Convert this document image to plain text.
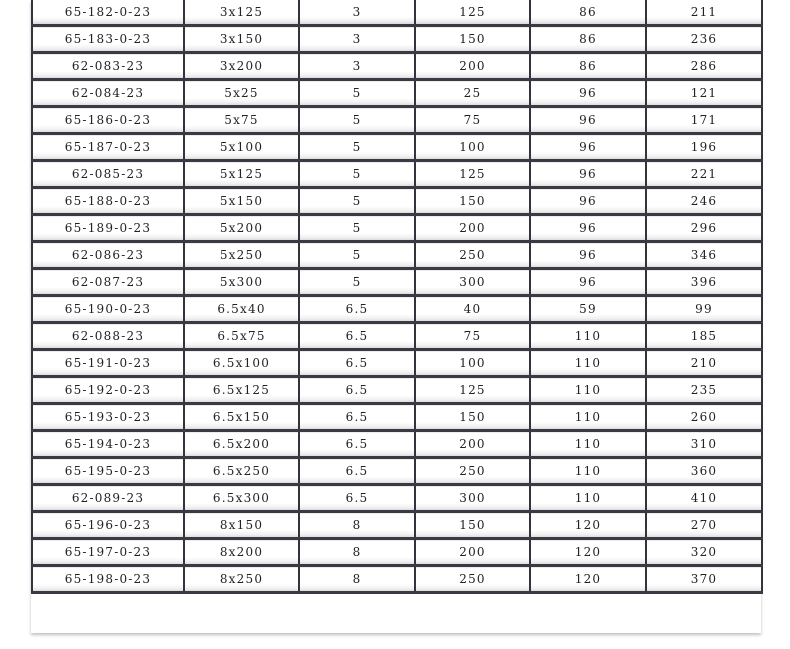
65-182-0-23	3x125	3	125	86	211
65-183-0-23	3x150	3	150	86	236
62-083-23	3x200	3	200	86	286
62-084-23	5x25	5	25	96	121
65-186-0-23	5x75	5	75	96	171
65-187-0-23	5x100	5	100	96	196
62-085-23	5x125	5	125	96	221
65-188-0-23	5x150	5	150	96	246
65-189-0-23	5x200	5	200	96	296
62-086-23	5x250	5	250	96	346
62-087-23	5x300	5	300	96	396
65-190-0-23	6.5x40	6.5	40	59	99
62-088-23	6.5x75	6.5	75	110	185
65-191-0-23	6.5x100	6.5	100	110	210
65-192-0-23	6.5x125	6.5	125	110	235
65-193-0-23	6.5x150	6.5	150	110	260
65-194-0-23	6.5x200	6.5	200	110	310
65-195-0-23	6.5x250	6.5	250	110	360
62-089-23	6.5x300	6.5	300	110	410
65-196-0-23	8x150	8	150	120	270
65-197-0-23	8x200	8	200	120	320
65-198-0-23	8x250	8	250	120	370
